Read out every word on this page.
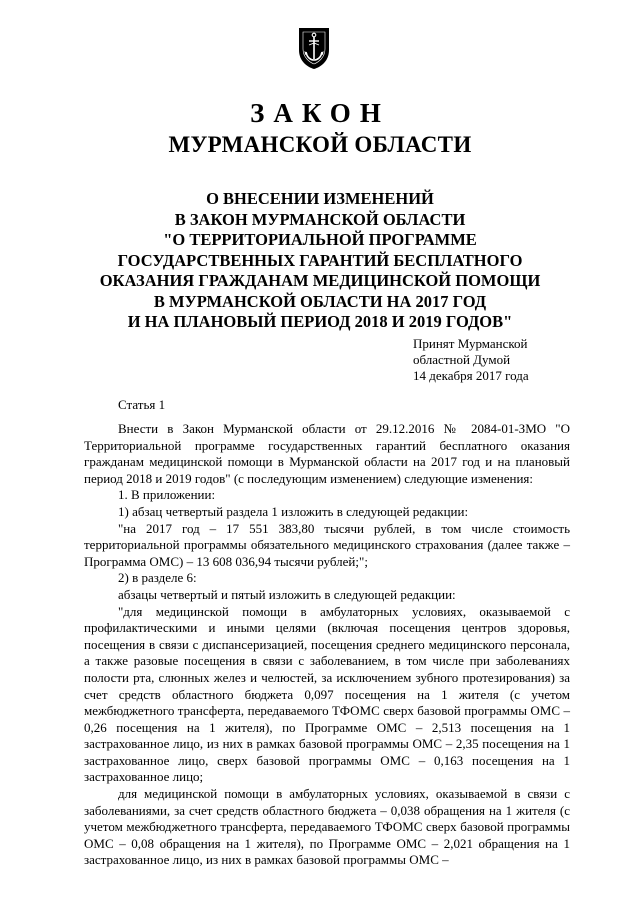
ЗАКОН
МУРМАНСКОЙ ОБЛАСТИ
О ВНЕСЕНИИ ИЗМЕНЕНИЙ
В ЗАКОН МУРМАНСКОЙ ОБЛАСТИ
"О ТЕРРИТОРИАЛЬНОЙ ПРОГРАММЕ
ГОСУДАРСТВЕННЫХ ГАРАНТИЙ БЕСПЛАТНОГО
ОКАЗАНИЯ ГРАЖДАНАМ МЕДИЦИНСКОЙ ПОМОЩИ
В МУРМАНСКОЙ ОБЛАСТИ НА 2017 ГОД
И НА ПЛАНОВЫЙ ПЕРИОД 2018 И 2019 ГОДОВ"
Принят Мурманской
областной Думой
14 декабря 2017 года
Статья 1

Внести в Закон Мурманской области от 29.12.2016 № 2084-01-ЗМО "О Территориальной программе государственных гарантий бесплатного оказания гражданам медицинской помощи в Мурманской области на 2017 год и на плановый период 2018 и 2019 годов" (с последующим изменением) следующие изменения:

1. В приложении:

1) абзац четвертый раздела 1 изложить в следующей редакции:

"на 2017 год – 17 551 383,80 тысячи рублей, в том числе стоимость территориальной программы обязательного медицинского страхования (далее также – Программа ОМС) – 13 608 036,94 тысячи рублей;";

2) в разделе 6:

абзацы четвертый и пятый изложить в следующей редакции:

"для медицинской помощи в амбулаторных условиях, оказываемой с профилактическими и иными целями (включая посещения центров здоровья, посещения в связи с диспансеризацией, посещения среднего медицинского персонала, а также разовые посещения в связи с заболеванием, в том числе при заболеваниях полости рта, слюнных желез и челюстей, за исключением зубного протезирования) за счет средств областного бюджета 0,097 посещения на 1 жителя (с учетом межбюджетного трансферта, передаваемого ТФОМС сверх базовой программы ОМС – 0,26 посещения на 1 жителя), по Программе ОМС – 2,513 посещения на 1 застрахованное лицо, из них в рамках базовой программы ОМС – 2,35 посещения на 1 застрахованное лицо, сверх базовой программы ОМС – 0,163 посещения на 1 застрахованное лицо;

для медицинской помощи в амбулаторных условиях, оказываемой в связи с заболеваниями, за счет средств областного бюджета – 0,038 обращения на 1 жителя (с учетом межбюджетного трансферта, передаваемого ТФОМС сверх базовой программы ОМС – 0,08 обращения на 1 жителя), по Программе ОМС – 2,021 обращения на 1 застрахованное лицо, из них в рамках базовой программы ОМС –
